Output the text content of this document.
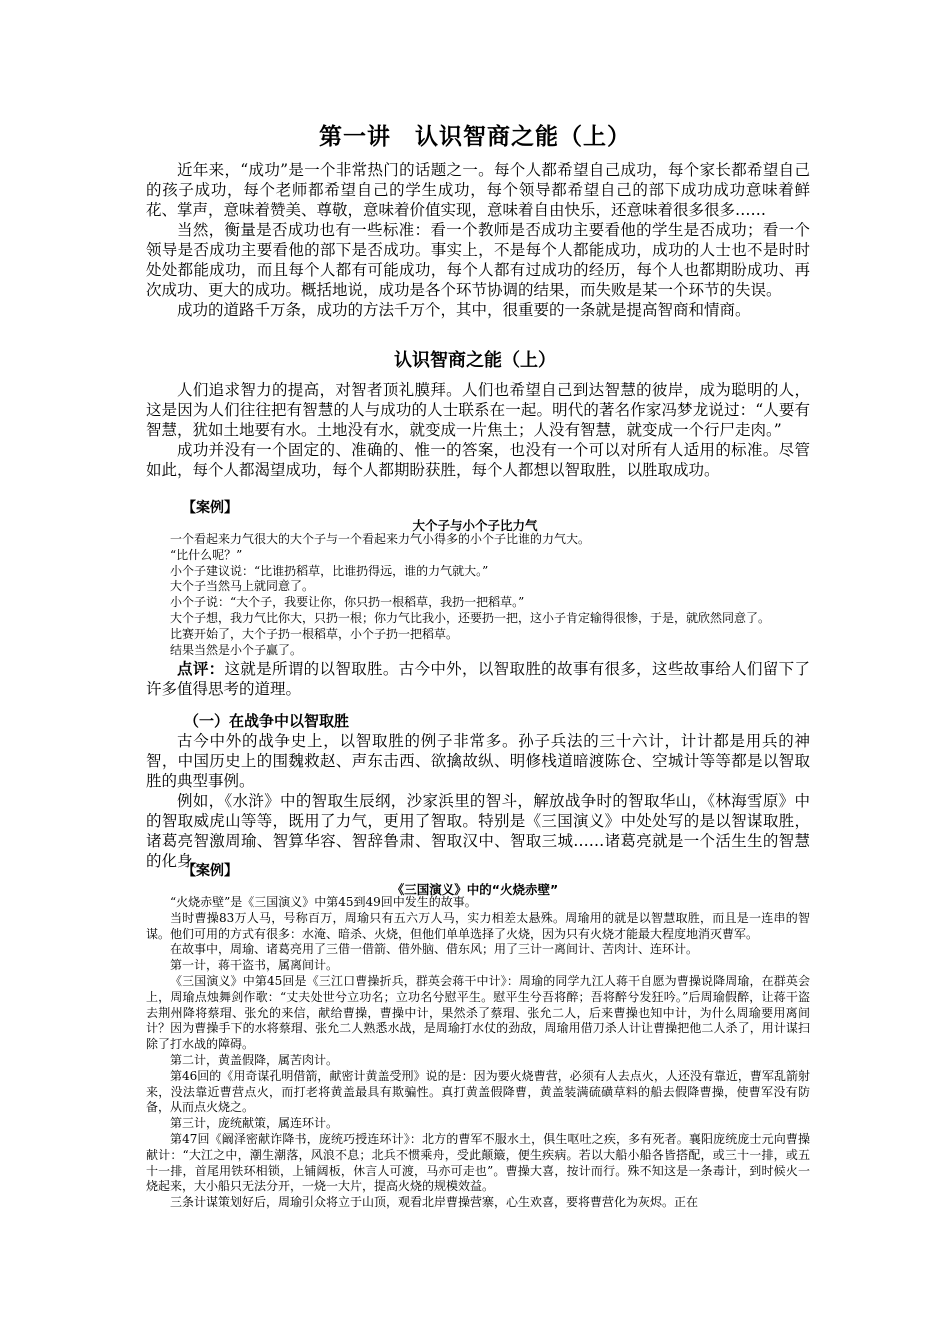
第一讲　认识智商之能（上）

近年来，“成功”是一个非常热门的话题之一。每个人都希望自己成功，每个家长都希望自己的孩子成功，每个老师都希望自己的学生成功，每个领导都希望自己的部下成功成功意味着鲜花、掌声，意味着赞美、尊敬，意味着价值实现，意味着自由快乐，还意味着很多很多……

当然，衡量是否成功也有一些标准：看一个教师是否成功主要看他的学生是否成功；看一个领导是否成功主要看他的部下是否成功。事实上，不是每个人都能成功，成功的人士也不是时时处处都能成功，而且每个人都有可能成功，每个人都有过成功的经历，每个人也都期盼成功、再次成功、更大的成功。概括地说，成功是各个环节协调的结果，而失败是某一个环节的失误。

成功的道路千万条，成功的方法千万个，其中，很重要的一条就是提高智商和情商。

认识智商之能（上）

人们追求智力的提高，对智者顶礼膜拜。人们也希望自己到达智慧的彼岸，成为聪明的人，这是因为人们往往把有智慧的人与成功的人士联系在一起。明代的著名作家冯梦龙说过：“人要有智慧，犹如土地要有水。土地没有水，就变成一片焦土；人没有智慧，就变成一个行尸走肉。”

成功并没有一个固定的、准确的、惟一的答案，也没有一个可以对所有人适用的标准。尽管如此，每个人都渴望成功，每个人都期盼获胜，每个人都想以智取胜，以胜取成功。

【案例】
大个子与小个子比力气

一个看起来力气很大的大个子与一个看起来力气小得多的小个子比谁的力气大。

“比什么呢？”

小个子建议说：“比谁扔稻草，比谁扔得远，谁的力气就大。”

大个子当然马上就同意了。

小个子说：“大个子，我要让你，你只扔一根稻草，我扔一把稻草。”

大个子想，我力气比你大，只扔一根；你力气比我小，还要扔一把，这小子肯定输得很惨，于是，就欣然同意了。

比赛开始了，大个子扔一根稻草，小个子扔一把稻草。

结果当然是小个子赢了。

点评：这就是所谓的以智取胜。古今中外，以智取胜的故事有很多，这些故事给人们留下了许多值得思考的道理。

（一）在战争中以智取胜

古今中外的战争史上，以智取胜的例子非常多。孙子兵法的三十六计，计计都是用兵的神智，中国历史上的围魏救赵、声东击西、欲擒故纵、明修栈道暗渡陈仓、空城计等等都是以智取胜的典型事例。

例如，《水浒》中的智取生辰纲，沙家浜里的智斗，解放战争时的智取华山，《林海雪原》中的智取威虎山等等，既用了力气，更用了智取。特别是《三国演义》中处处写的是以智谋取胜，诸葛亮智激周瑜、智算华容、智辞鲁肃、智取汉中、智取三城……诸葛亮就是一个活生生的智慧的化身。

【案例】
《三国演义》中的“火烧赤壁”

“火烧赤壁”是《三国演义》中第45到49回中发生的故事。

当时曹操83万人马，号称百万，周瑜只有五六万人马，实力相差太悬殊。周瑜用的就是以智慧取胜，而且是一连串的智谋。他们可用的方式有很多：水淹、暗杀、火烧，但他们单单选择了火烧，因为只有火烧才能最大程度地消灭曹军。

在故事中，周瑜、诸葛亮用了三借一借箭、借外脑、借东风；用了三计一离间计、苦肉计、连环计。

第一计，蒋干盗书，属离间计。

《三国演义》中第45回是《三江口曹操折兵，群英会蒋干中计》：周瑜的同学九江人蒋干自愿为曹操说降周瑜，在群英会上，周瑜点烛舞剑作歌：“丈夫处世兮立功名；立功名兮慰平生。慰平生兮吾将醉；吾将醉兮发狂吟。”后周瑜假醉，让蒋干盗去荆州降将蔡瑁、张允的来信，献给曹操，曹操中计，果然杀了蔡瑁、张允二人，后来曹操也知中计，为什么周瑜要用离间计？因为曹操手下的水将蔡瑁、张允二人熟悉水战，是周瑜打水仗的劲敌，周瑜用借刀杀人计让曹操把他二人杀了，用计谋扫除了打水战的障碍。

第二计，黄盖假降，属苦肉计。

第46回的《用奇谋孔明借箭，献密计黄盖受刑》说的是：因为要火烧曹营，必须有人去点火，人还没有靠近，曹军乱箭射来，没法靠近曹营点火，而打老将黄盖最具有欺骗性。真打黄盖假降曹，黄盖装满硫磺草料的船去假降曹操，使曹军没有防备，从而点火烧之。

第三计，庞统献策，属连环计。

第47回《阚泽密献诈降书，庞统巧授连环计》：北方的曹军不服水土，俱生呕吐之疾，多有死者。襄阳庞统庞士元向曹操献计：“大江之中，潮生潮落，风浪不息；北兵不惯乘舟，受此颠簸，便生疾病。若以大船小船各皆搭配，或三十一排，或五十一排，首尾用铁环相锁，上铺阔板，休言人可渡，马亦可走也”。曹操大喜，按计而行。殊不知这是一条毒计，到时候火一烧起来，大小船只无法分开，一烧一大片，提高火烧的规模效益。

三条计谋策划好后，周瑜引众将立于山顶，观看北岸曹操营寨，心生欢喜，要将曹营化为灰烬。正在
